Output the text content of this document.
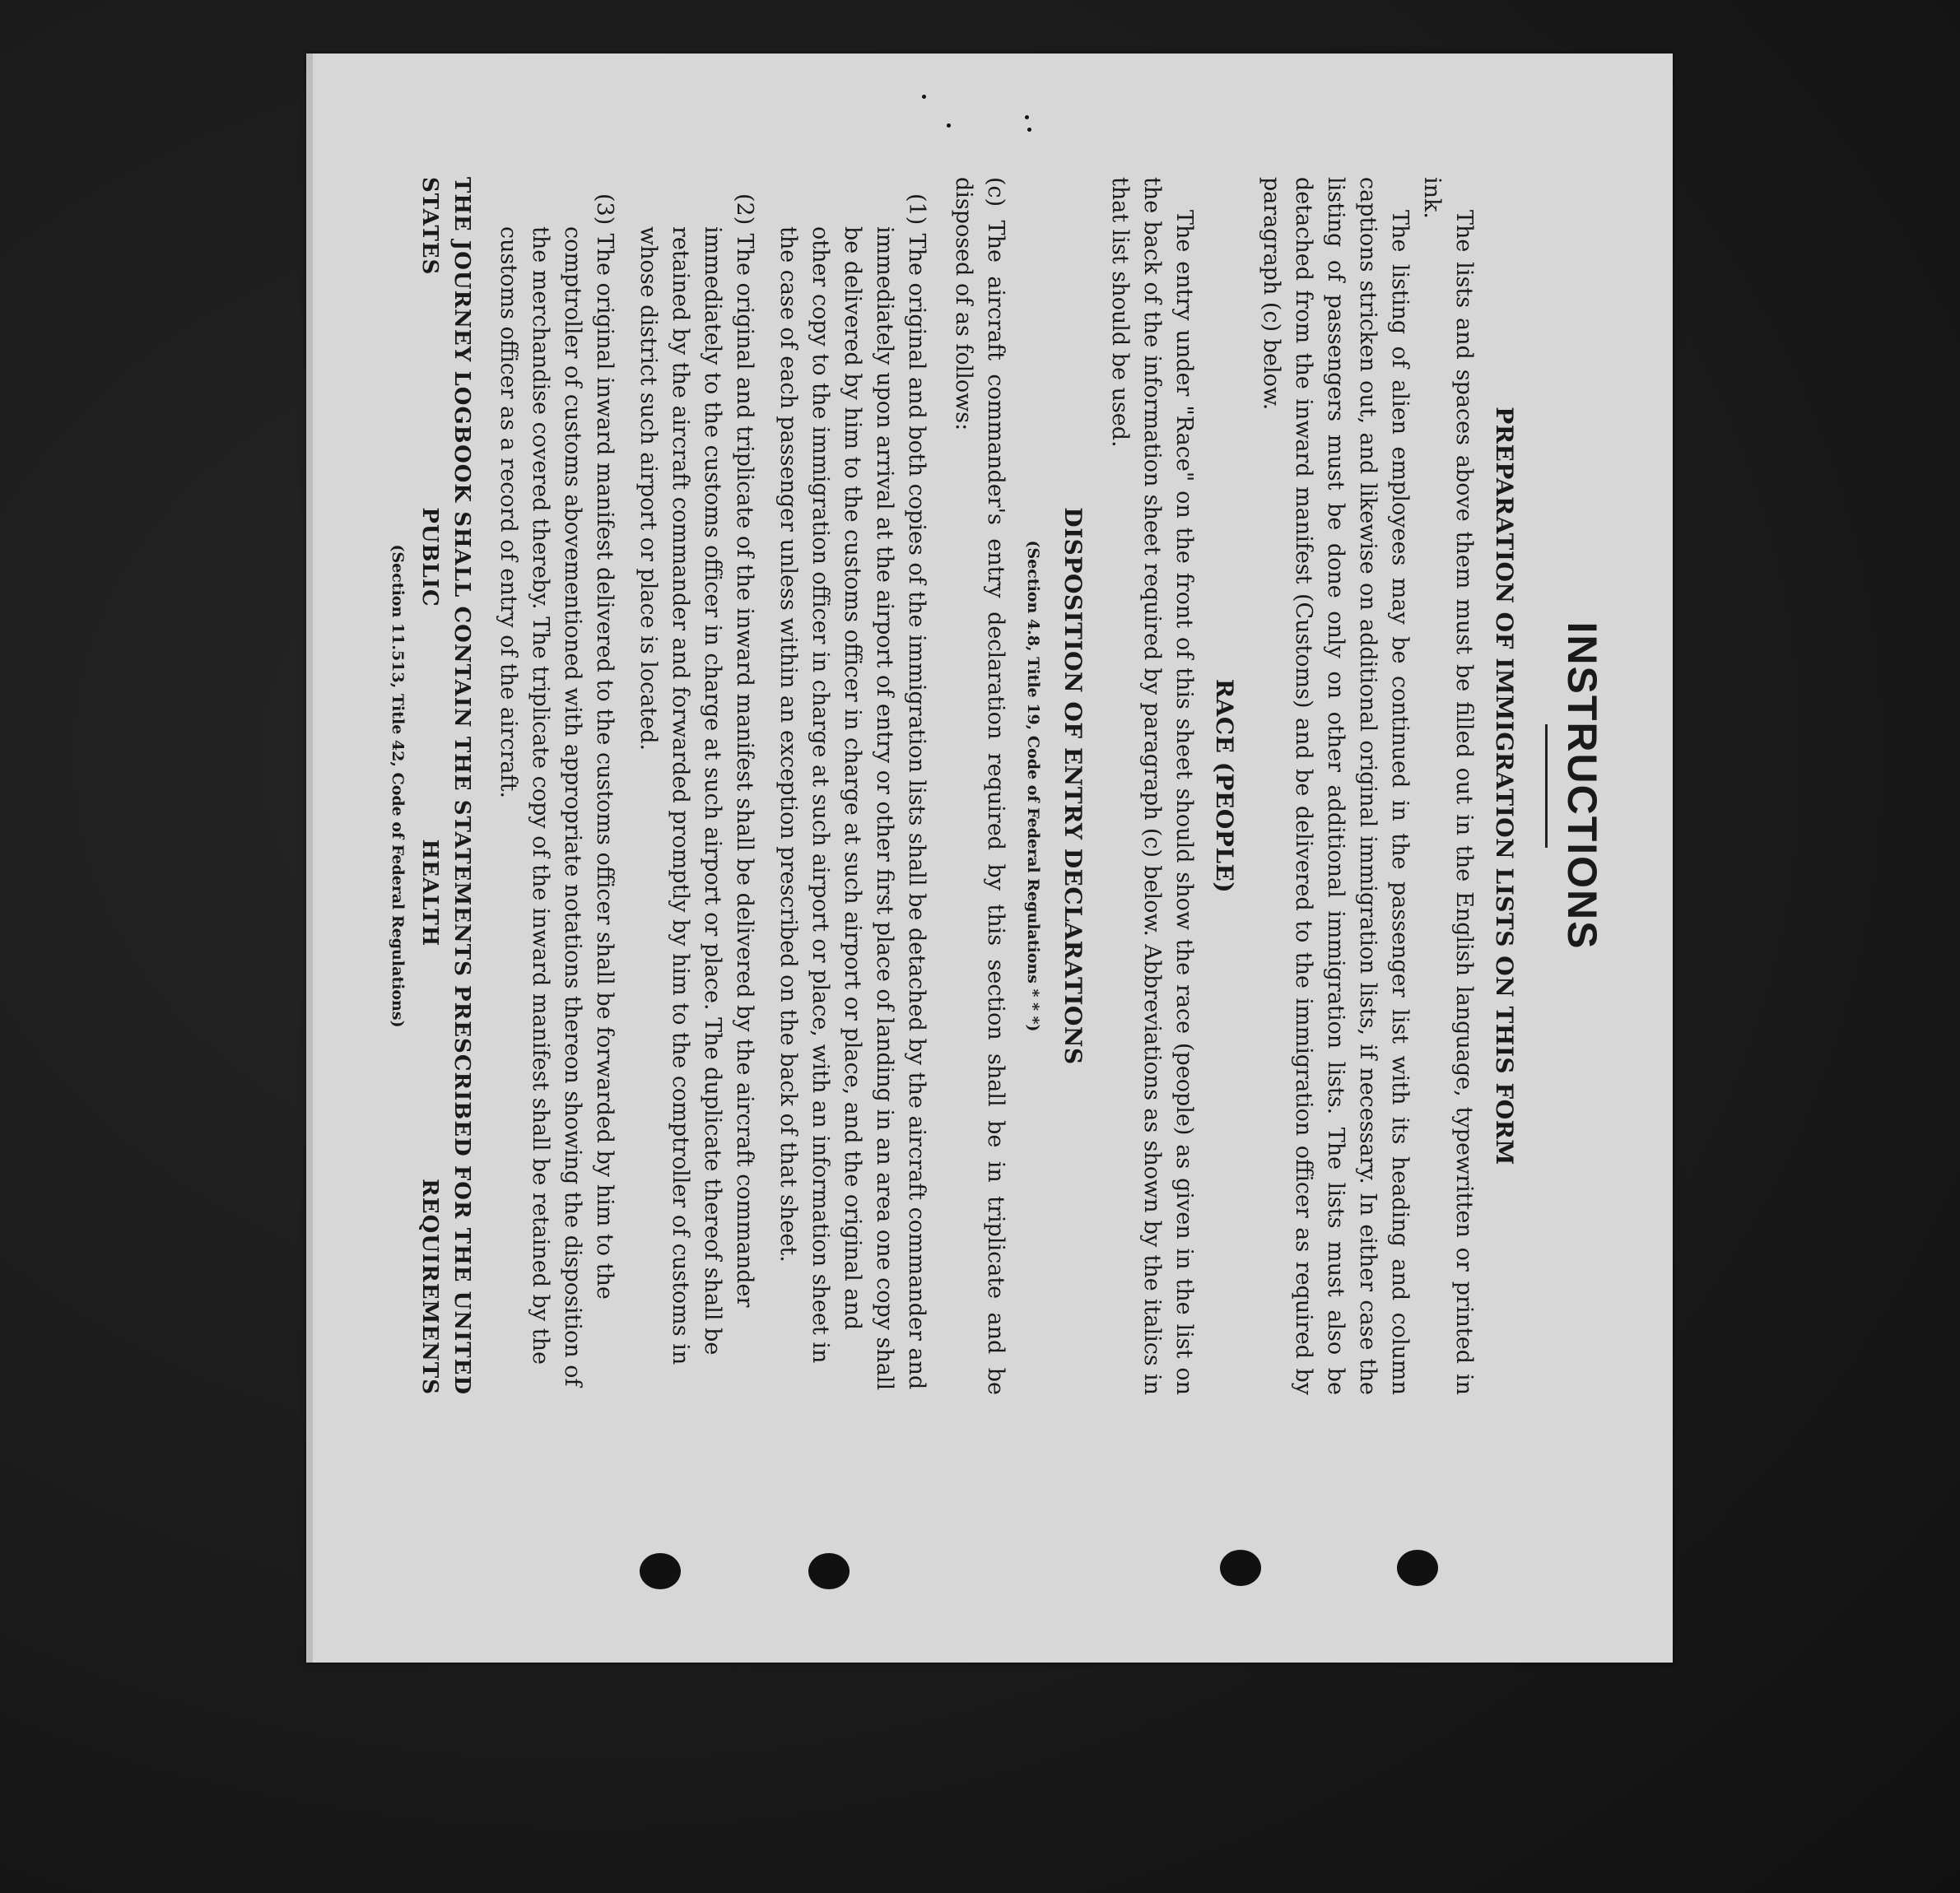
INSTRUCTIONS
PREPARATION OF IMMIGRATION LISTS ON THIS FORM

The lists and spaces above them must be filled out in the English language, typewritten or printed in ink.

The listing of alien employees may be continued in the passenger list with its heading and column captions stricken out, and likewise on additional original immigration lists, if necessary. In either case the listing of passengers must be done only on other additional immigration lists. The lists must also be detached from the inward manifest (Customs) and be delivered to the immigration officer as required by paragraph (c) below.

RACE (PEOPLE)

The entry under "Race" on the front of this sheet should show the race (people) as given in the list on the back of the information sheet required by paragraph (c) below. Abbreviations as shown by the italics in that list should be used.

DISPOSITION OF ENTRY DECLARATIONS
(Section 4.8, Title 19, Code of Federal Regulations * * *)

(c) The aircraft commander's entry declaration required by this section shall be in triplicate and be disposed of as follows:

(1) The original and both copies of the immigration lists shall be detached by the aircraft commander and immediately upon arrival at the airport of entry or other first place of landing in an area one copy shall be delivered by him to the customs officer in charge at such airport or place, and the original and other copy to the immigration officer in charge at such airport or place, with an information sheet in the case of each passenger unless within an exception prescribed on the back of that sheet.
(2) The original and triplicate of the inward manifest shall be delivered by the aircraft commander immediately to the customs officer in charge at such airport or place. The duplicate thereof shall be retained by the aircraft commander and forwarded promptly by him to the comptroller of customs in whose district such airport or place is located.
(3) The original inward manifest delivered to the customs officer shall be forwarded by him to the comptroller of customs abovementioned with appropriate notations thereon showing the disposition of the merchandise covered thereby. The triplicate copy of the inward manifest shall be retained by the customs officer as a record of entry of the aircraft.
THE JOURNEY LOGBOOK SHALL CONTAIN THE STATEMENTS PRESCRIBED FOR THE UNITED STATES PUBLIC HEALTH REQUIREMENTS
(Section 11.513, Title 42, Code of Federal Regulations)
